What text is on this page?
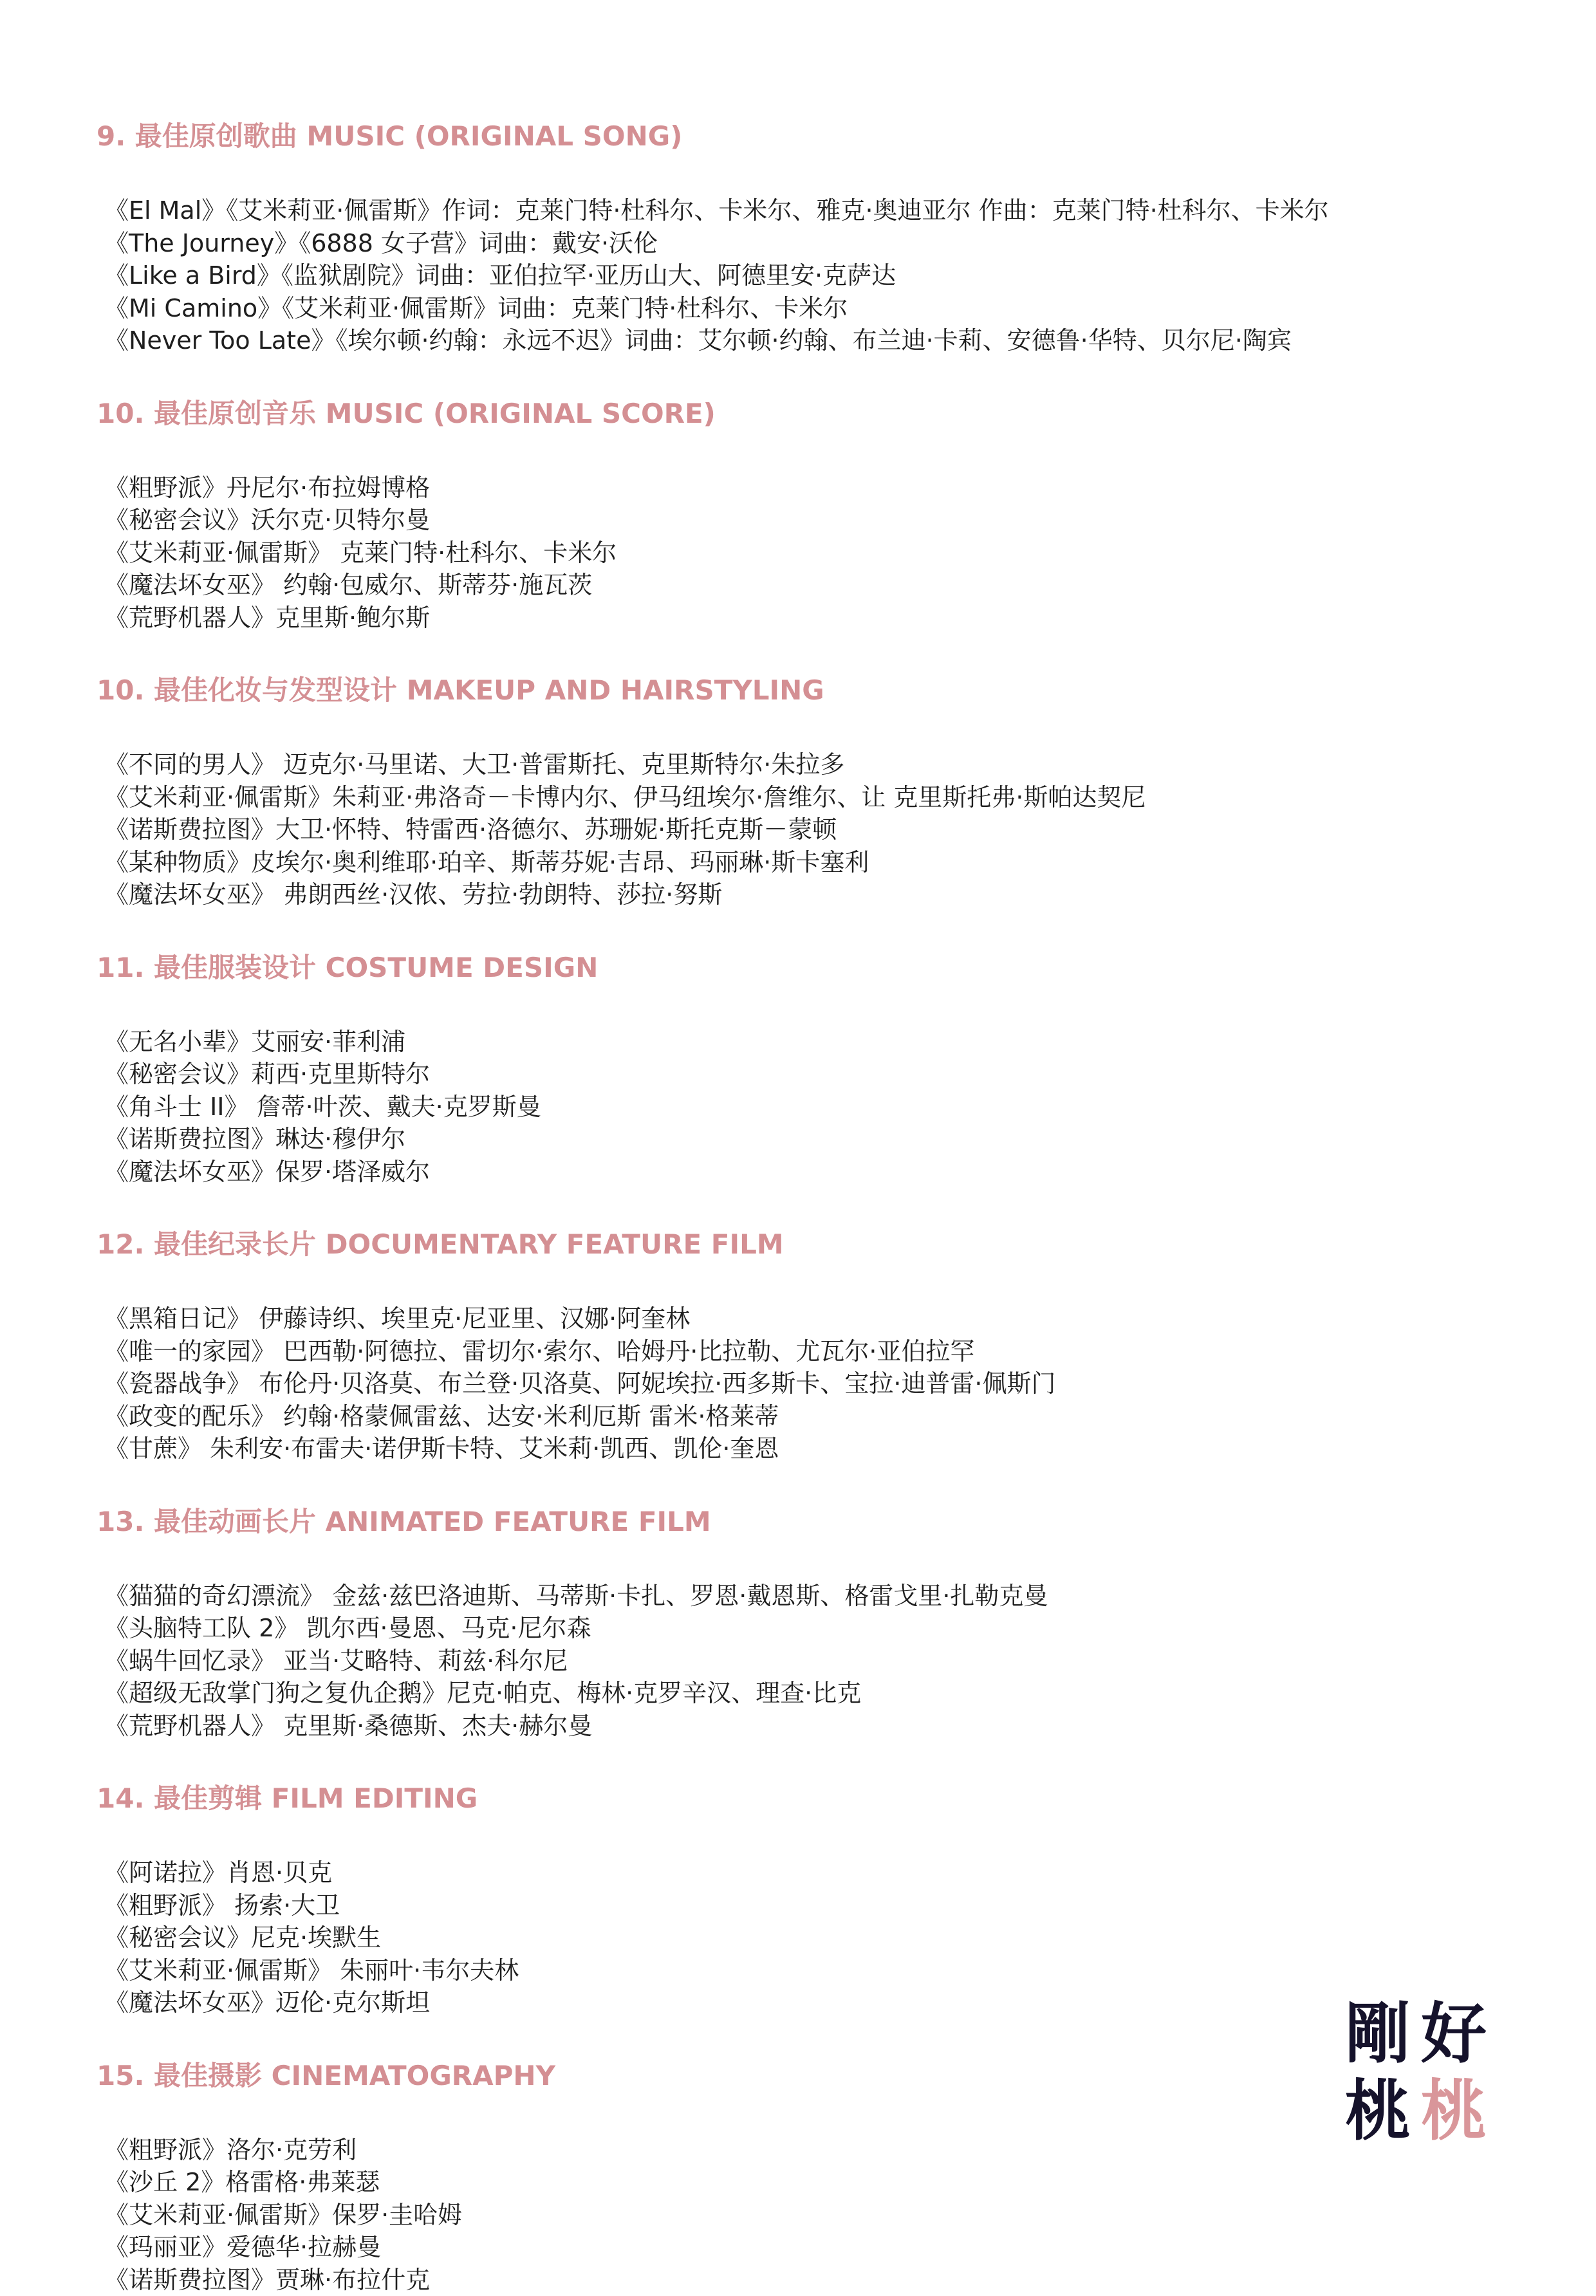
9. 最佳原创歌曲 MUSIC (ORIGINAL SONG)
《El Mal》《艾米莉亚·佩雷斯》作词：克莱门特·杜科尔、卡米尔、雅克·奥迪亚尔 作曲：克莱门特·杜科尔、卡米尔
《The Journey》《6888 女子营》词曲：戴安·沃伦
《Like a Bird》《监狱剧院》词曲：亚伯拉罕·亚历山大、阿德里安·克萨达
《Mi Camino》《艾米莉亚·佩雷斯》词曲：克莱门特·杜科尔、卡米尔
《Never Too Late》《埃尔顿·约翰：永远不迟》词曲：艾尔顿·约翰、布兰迪·卡莉、安德鲁·华特、贝尔尼·陶宾
10. 最佳原创音乐 MUSIC (ORIGINAL SCORE)
《粗野派》丹尼尔·布拉姆博格
《秘密会议》沃尔克·贝特尔曼
《艾米莉亚·佩雷斯》 克莱门特·杜科尔、卡米尔
《魔法坏女巫》 约翰·包威尔、斯蒂芬·施瓦茨
《荒野机器人》克里斯·鲍尔斯
10. 最佳化妆与发型设计 MAKEUP AND HAIRSTYLING
《不同的男人》 迈克尔·马里诺、大卫·普雷斯托、克里斯特尔·朱拉多
《艾米莉亚·佩雷斯》朱莉亚·弗洛奇－卡博内尔、伊马纽埃尔·詹维尔、让 克里斯托弗·斯帕达契尼
《诺斯费拉图》大卫·怀特、特雷西·洛德尔、苏珊妮·斯托克斯－蒙顿
《某种物质》皮埃尔·奥利维耶·珀辛、斯蒂芬妮·吉昂、玛丽琳·斯卡塞利
《魔法坏女巫》 弗朗西丝·汉侬、劳拉·勃朗特、莎拉·努斯
11. 最佳服装设计 COSTUME DESIGN
《无名小辈》艾丽安·菲利浦
《秘密会议》莉西·克里斯特尔
《角斗士 II》 詹蒂·叶茨、戴夫·克罗斯曼
《诺斯费拉图》琳达·穆伊尔
《魔法坏女巫》保罗·塔泽威尔
12. 最佳纪录长片 DOCUMENTARY FEATURE FILM
《黑箱日记》 伊藤诗织、埃里克·尼亚里、汉娜·阿奎林
《唯一的家园》 巴西勒·阿德拉、雷切尔·索尔、哈姆丹·比拉勒、尤瓦尔·亚伯拉罕
《瓷器战争》 布伦丹·贝洛莫、布兰登·贝洛莫、阿妮埃拉·西多斯卡、宝拉·迪普雷·佩斯门
《政变的配乐》 约翰·格蒙佩雷兹、达安·米利厄斯 雷米·格莱蒂
《甘蔗》 朱利安·布雷夫·诺伊斯卡特、艾米莉·凯西、凯伦·奎恩
13. 最佳动画长片 ANIMATED FEATURE FILM
《猫猫的奇幻漂流》 金兹·兹巴洛迪斯、马蒂斯·卡扎、罗恩·戴恩斯、格雷戈里·扎勒克曼
《头脑特工队 2》 凯尔西·曼恩、马克·尼尔森
《蜗牛回忆录》 亚当·艾略特、莉兹·科尔尼
《超级无敌掌门狗之复仇企鹅》尼克·帕克、梅林·克罗辛汉、理查·比克
《荒野机器人》 克里斯·桑德斯、杰夫·赫尔曼
14. 最佳剪辑 FILM EDITING
《阿诺拉》肖恩·贝克
《粗野派》 扬索·大卫
《秘密会议》尼克·埃默生
《艾米莉亚·佩雷斯》 朱丽叶·韦尔夫林
《魔法坏女巫》迈伦·克尔斯坦
15. 最佳摄影 CINEMATOGRAPHY
《粗野派》洛尔·克劳利
《沙丘 2》格雷格·弗莱瑟
《艾米莉亚·佩雷斯》保罗·圭哈姆
《玛丽亚》爱德华·拉赫曼
《诺斯费拉图》贾琳·布拉什克
剛 好
桃 桃
